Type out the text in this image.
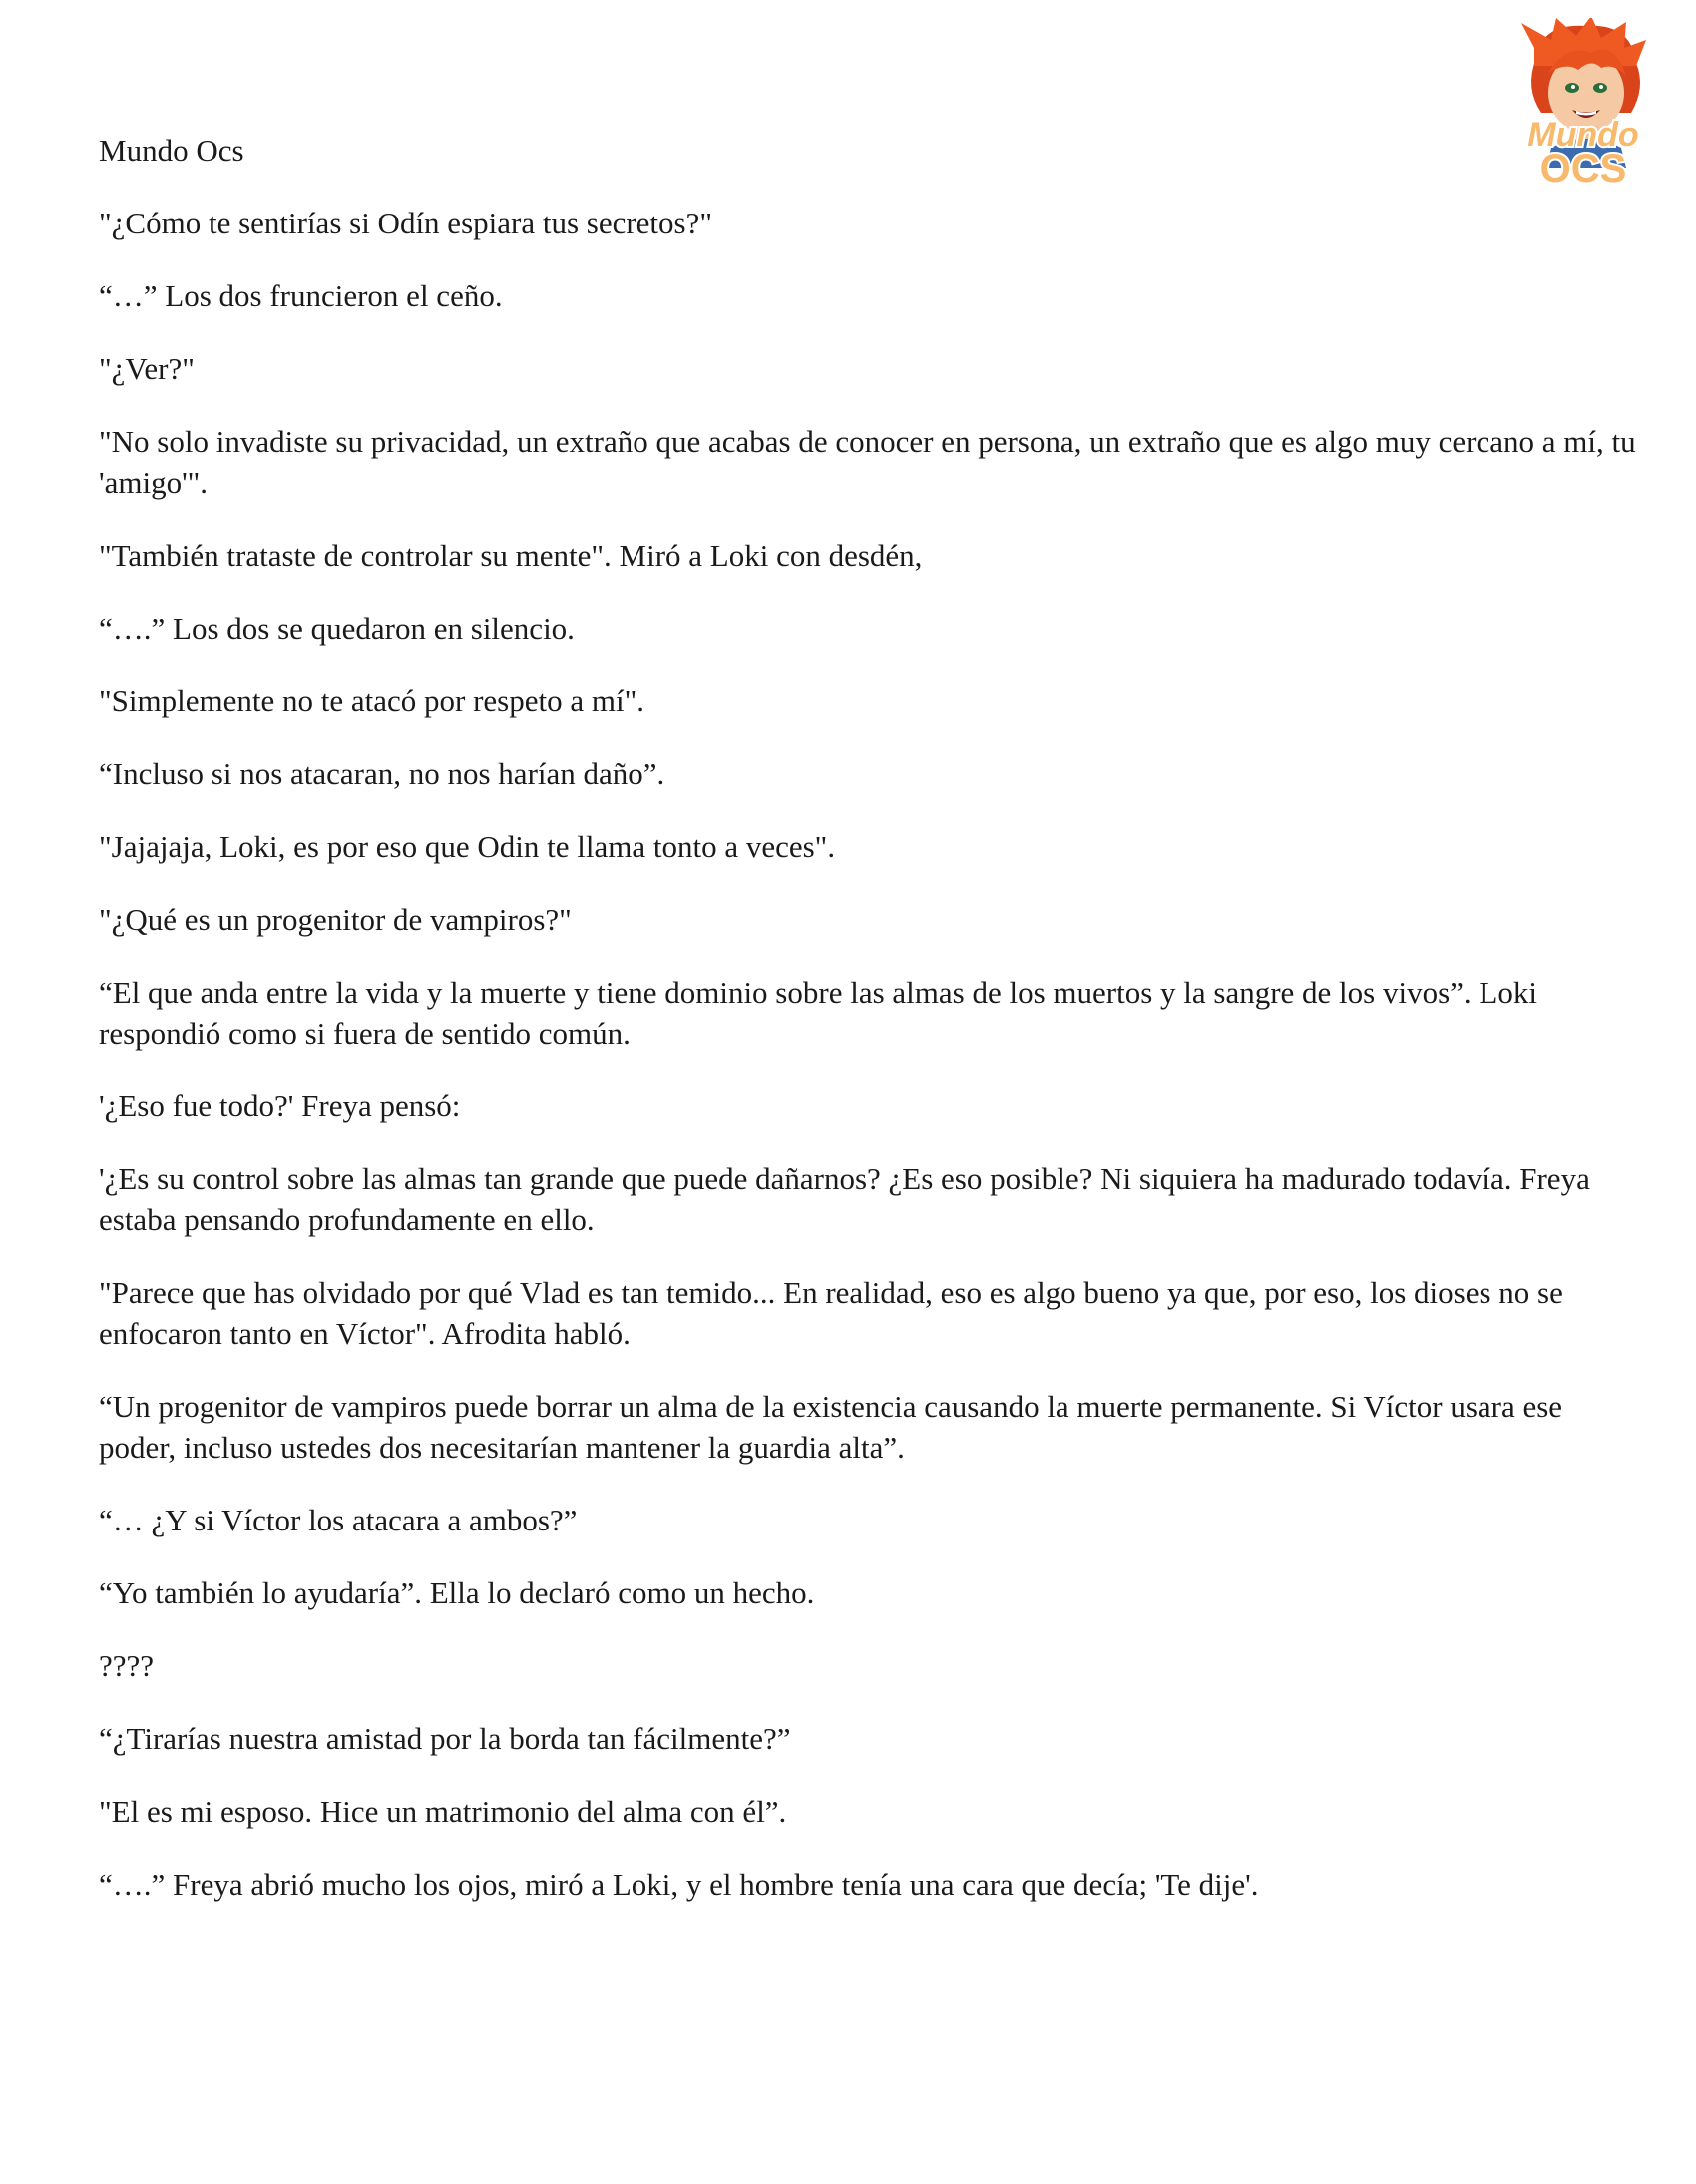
Mundo
OCS

Mundo Ocs

"¿Cómo te sentirías si Odín espiara tus secretos?"

“…” Los dos fruncieron el ceño.

"¿Ver?"

"No solo invadiste su privacidad, un extraño que acabas de conocer en persona, un extraño que es algo muy cercano a mí, tu 'amigo'".

"También trataste de controlar su mente". Miró a Loki con desdén,

“….” Los dos se quedaron en silencio.

"Simplemente no te atacó por respeto a mí".

“Incluso si nos atacaran, no nos harían daño”.

"Jajajaja, Loki, es por eso que Odin te llama tonto a veces".

"¿Qué es un progenitor de vampiros?"

“El que anda entre la vida y la muerte y tiene dominio sobre las almas de los muertos y la sangre de los vivos”. Loki respondió como si fuera de sentido común.

'¿Eso fue todo?' Freya pensó:

'¿Es su control sobre las almas tan grande que puede dañarnos? ¿Es eso posible? Ni siquiera ha madurado todavía. Freya estaba pensando profundamente en ello.

"Parece que has olvidado por qué Vlad es tan temido... En realidad, eso es algo bueno ya que, por eso, los dioses no se enfocaron tanto en Víctor". Afrodita habló.

“Un progenitor de vampiros puede borrar un alma de la existencia causando la muerte permanente. Si Víctor usara ese poder, incluso ustedes dos necesitarían mantener la guardia alta”.

“… ¿Y si Víctor los atacara a ambos?”

“Yo también lo ayudaría”. Ella lo declaró como un hecho.

????

“¿Tirarías nuestra amistad por la borda tan fácilmente?”

"El es mi esposo. Hice un matrimonio del alma con él”.

“….” Freya abrió mucho los ojos, miró a Loki, y el hombre tenía una cara que decía; 'Te dije'.
